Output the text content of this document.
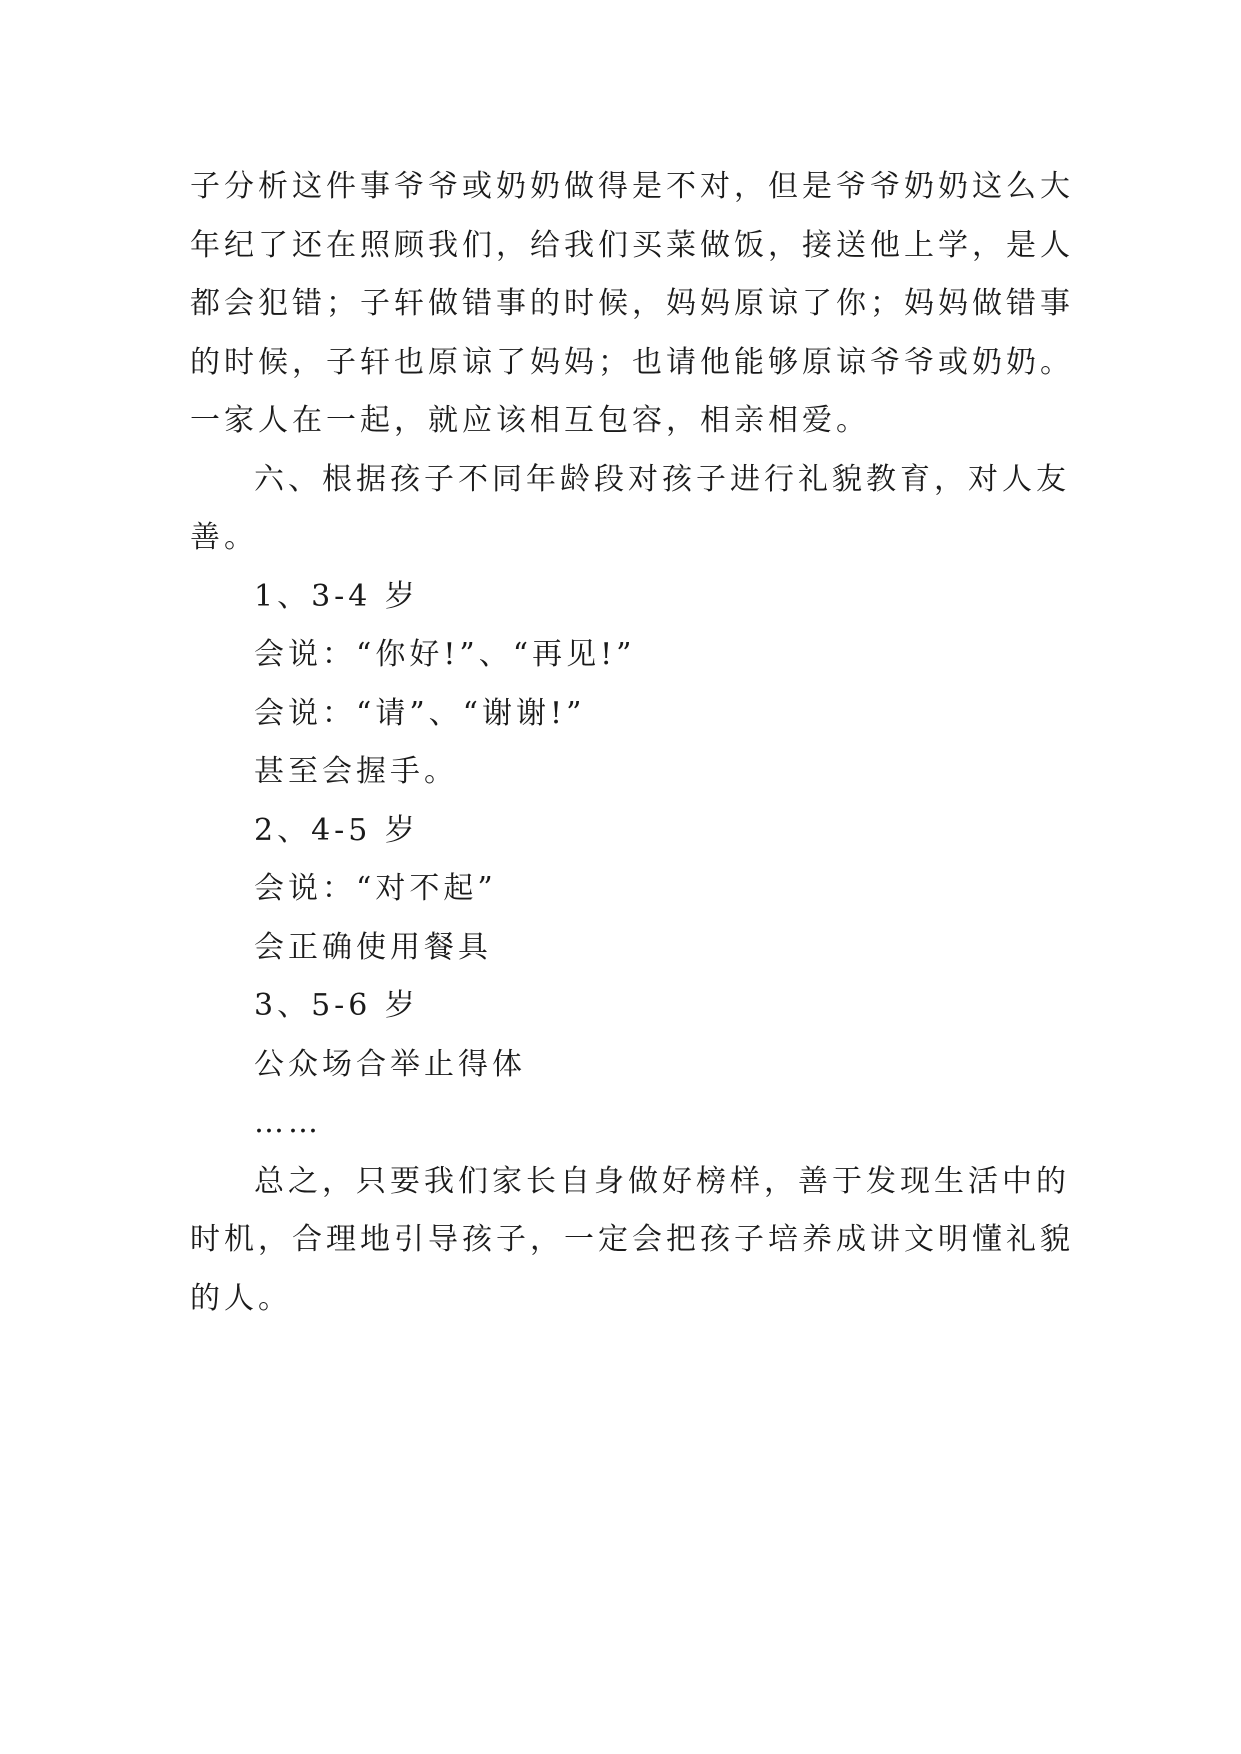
子分析这件事爷爷或奶奶做得是不对，但是爷爷奶奶这么大
年纪了还在照顾我们，给我们买菜做饭，接送他上学，是人
都会犯错；子轩做错事的时候，妈妈原谅了你；妈妈做错事
的时候，子轩也原谅了妈妈；也请他能够原谅爷爷或奶奶。
一家人在一起，就应该相互包容，相亲相爱。
六、根据孩子不同年龄段对孩子进行礼貌教育，对人友
善。
1、3-4 岁
会说：“你好!”、“再见!”
会说：“请”、“谢谢!”
甚至会握手。
2、4-5 岁
会说：“对不起”
会正确使用餐具
3、5-6 岁
公众场合举止得体
……
总之，只要我们家长自身做好榜样，善于发现生活中的
时机，合理地引导孩子，一定会把孩子培养成讲文明懂礼貌
的人。
